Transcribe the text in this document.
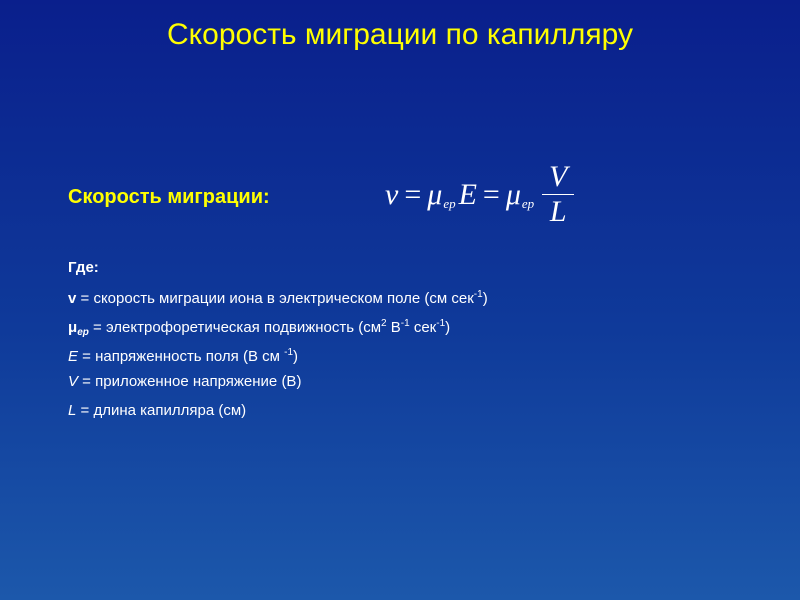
Скорость миграции по капилляру
Скорость миграции:	v = μ ep E = μ ep $\frac{V}{L}$
Где:
v = скорость миграции иона в электрическом поле (см сек$^{-1}$)
$\mu_{ep}$ = электрофоретическая подвижность ($см^2$ $В^{-1}$ сек$^{-1}$)
E = напряженность поля (В см $^{-1}$)
V = приложенное напряжение (В)
L = длина капилляра (см)
